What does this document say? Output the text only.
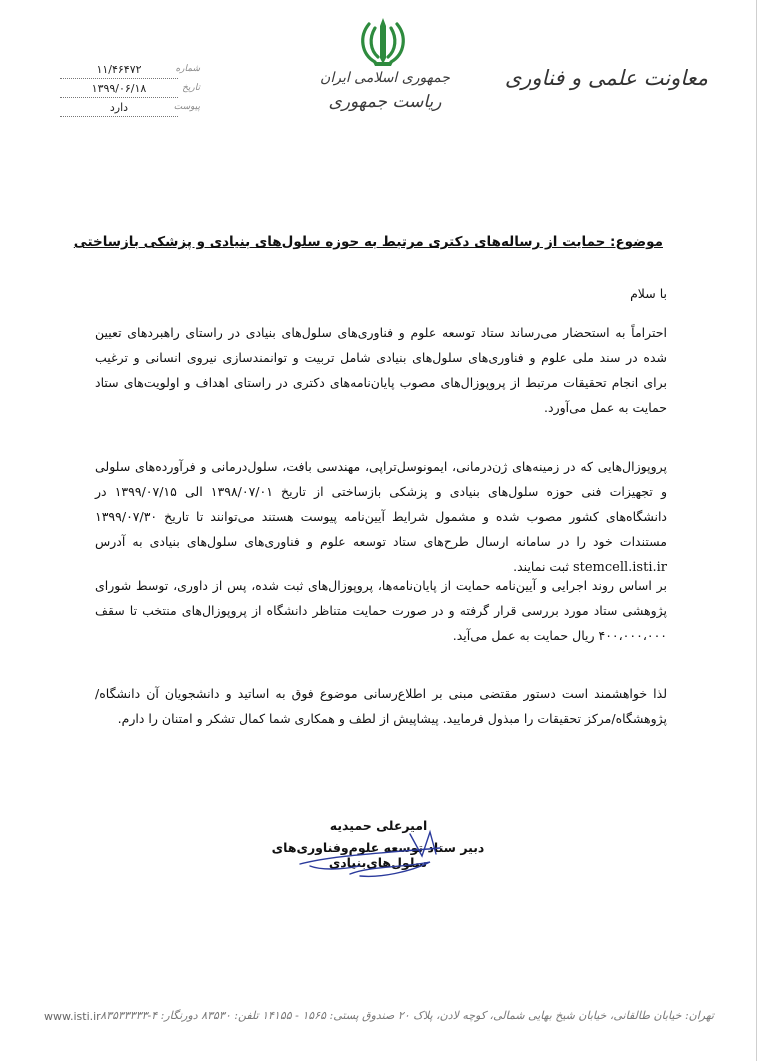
جمهوری اسلامی ایران
ریاست جمهوری
معاونت علمی و فناوری
۱۱/۴۶۴۷۲	شماره
۱۳۹۹/۰۶/۱۸	تاریخ
دارد	پیوست
موضوع: حمایت از رساله‌های دکتری مرتبط به حوزه سلول‌های بنیادی و پزشکی بازساختی
با سلام

احتراماً به استحضار می‌رساند ستاد توسعه علوم و فناوری‌های سلول‌های بنیادی در راستای راهبردهای تعیین شده در سند ملی علوم و فناوری‌های سلول‌های بنیادی شامل تربیت و توانمندسازی نیروی انسانی و ترغیب برای انجام تحقیقات مرتبط از پروپوزال‌های مصوب پایان‌نامه‌های دکتری در راستای اهداف و اولویت‌های ستاد حمایت به عمل می‌آورد.

پروپوزال‌هایی که در زمینه‌های ژن‌درمانی، ایمونوسل‌تراپی، مهندسی بافت، سلول‌درمانی و فرآورده‌های سلولی و تجهیزات فنی حوزه سلول‌های بنیادی و پزشکی بازساختی از تاریخ ۱۳۹۸/۰۷/۰۱ الی ۱۳۹۹/۰۷/۱۵ در دانشگاه‌های کشور مصوب شده و مشمول شرایط آیین‌نامه پیوست هستند می‌توانند تا تاریخ ۱۳۹۹/۰۷/۳۰ مستندات خود را در سامانه ارسال طرح‌های ستاد توسعه علوم و فناوری‌های سلول‌های بنیادی به آدرس stemcell.isti.ir ثبت نمایند.

بر اساس روند اجرایی و آیین‌نامه حمایت از پایان‌نامه‌ها، پروپوزال‌های ثبت شده، پس از داوری، توسط شورای پژوهشی ستاد مورد بررسی قرار گرفته و در صورت حمایت متناظر دانشگاه از پروپوزال‌های منتخب تا سقف ۴۰۰،۰۰۰،۰۰۰ ریال حمایت به عمل می‌آید.

لذا خواهشمند است دستور مقتضی مبنی بر اطلاع‌رسانی موضوع فوق به اساتید و دانشجویان آن دانشگاه/پژوهشگاه/مرکز تحقیقات را مبذول فرمایید. پیشاپیش از لطف و همکاری شما کمال تشکر و امتنان را دارم.

امیرعلی حمیدیه
دبیر ستاد توسعه علوم‌وفناوری‌های سلول‌های‌بنیادی
www.isti.ir تهران: خیابان طالقانی، خیابان شیخ بهایی شمالی، کوچه لادن، پلاک ۲۰ صندوق پستی: ۱۵۶۵ - ۱۴۱۵۵ تلفن: ۸۳۵۳۰ دورنگار: ۴-۸۳۵۳۳۳۳۳
